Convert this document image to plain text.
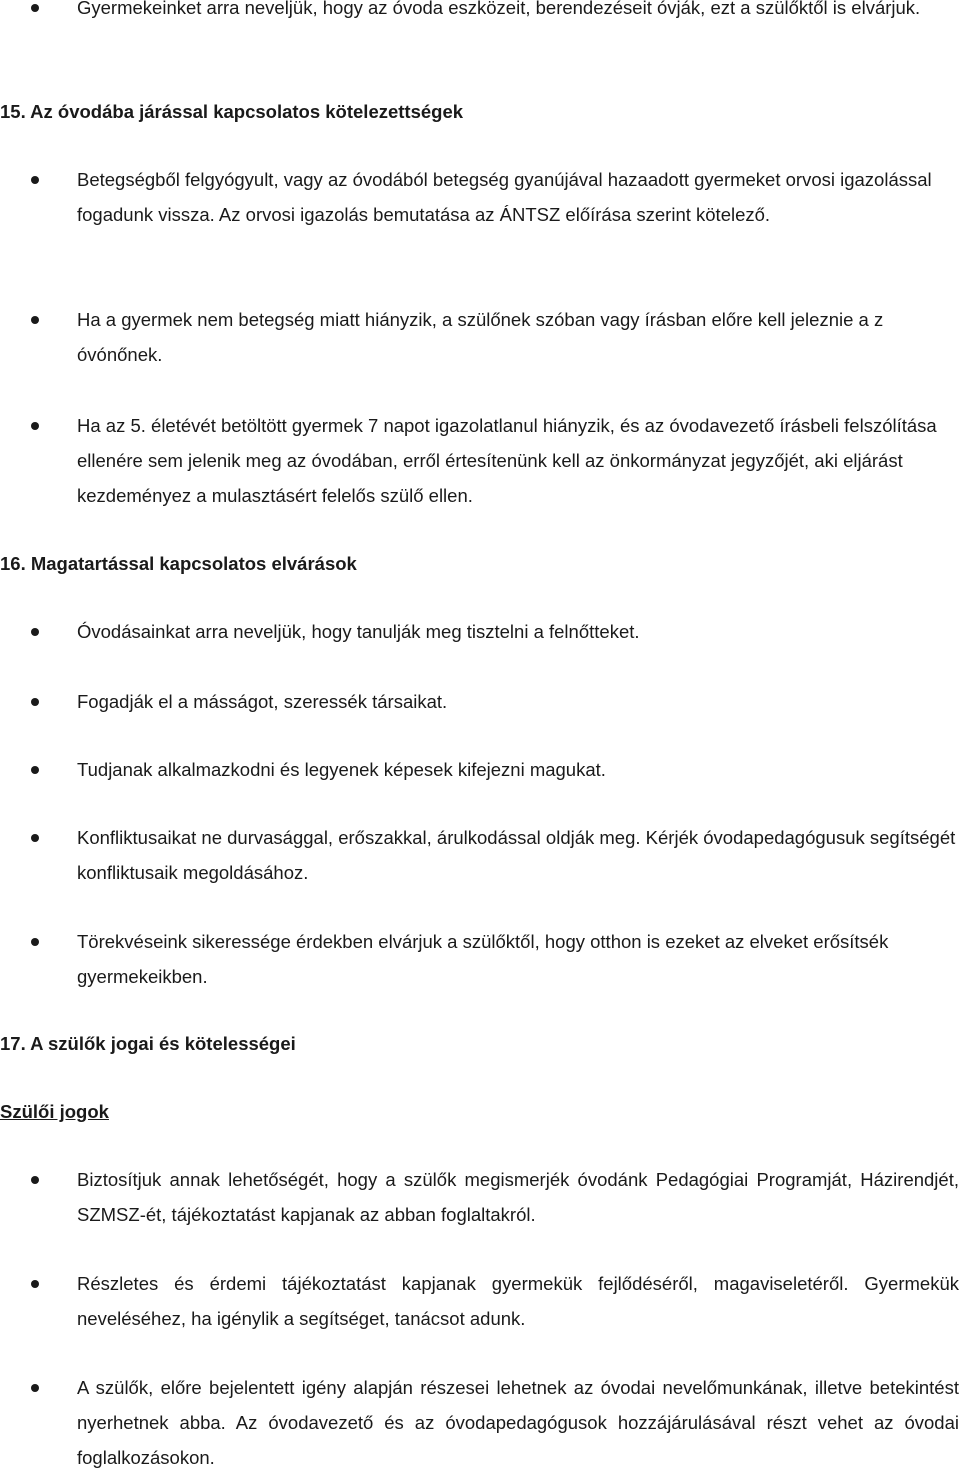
Gyermekeinket arra neveljük, hogy az óvoda eszközeit, berendezéseit óvják, ezt a szülőktől is elvárjuk.

15. Az óvodába járással kapcsolatos kötelezettségek

Betegségből felgyógyult, vagy az óvodából betegség gyanújával hazaadott gyermeket orvosi igazolással fogadunk vissza. Az orvosi igazolás bemutatása az ÁNTSZ előírása szerint kötelező.

Ha a gyermek nem betegség miatt hiányzik, a szülőnek szóban vagy írásban előre kell jeleznie a z óvónőnek.

Ha az 5. életévét betöltött gyermek 7 napot igazolatlanul hiányzik, és az óvodavezető írásbeli felszólítása ellenére sem jelenik meg az óvodában, erről értesítenünk kell az önkormányzat jegyzőjét, aki eljárást kezdeményez a mulasztásért felelős szülő ellen.

16. Magatartással kapcsolatos elvárások

Óvodásainkat arra neveljük, hogy tanulják meg tisztelni a felnőtteket.

Fogadják el a másságot, szeressék társaikat.

Tudjanak alkalmazkodni és legyenek képesek kifejezni magukat.

Konfliktusaikat ne durvasággal, erőszakkal, árulkodással oldják meg. Kérjék óvodapedagógusuk segítségét konfliktusaik megoldásához.

Törekvéseink sikeressége érdekben elvárjuk a szülőktől, hogy otthon is ezeket az elveket erősítsék gyermekeikben.

17. A szülők jogai és kötelességei
Szülői jogok

Biztosítjuk annak lehetőségét, hogy a szülők megismerjék óvodánk Pedagógiai Programját, Házirendjét, SZMSZ-ét, tájékoztatást kapjanak az abban foglaltakról.

Részletes és érdemi tájékoztatást kapjanak gyermekük fejlődéséről, magaviseletéről. Gyermekük neveléséhez, ha igénylik a segítséget, tanácsot adunk.

A szülők, előre bejelentett igény alapján részesei lehetnek az óvodai nevelőmunkának, illetve betekintést nyerhetnek abba. Az óvodavezető és az óvodapedagógusok hozzájárulásával részt vehet az óvodai foglalkozásokon.
